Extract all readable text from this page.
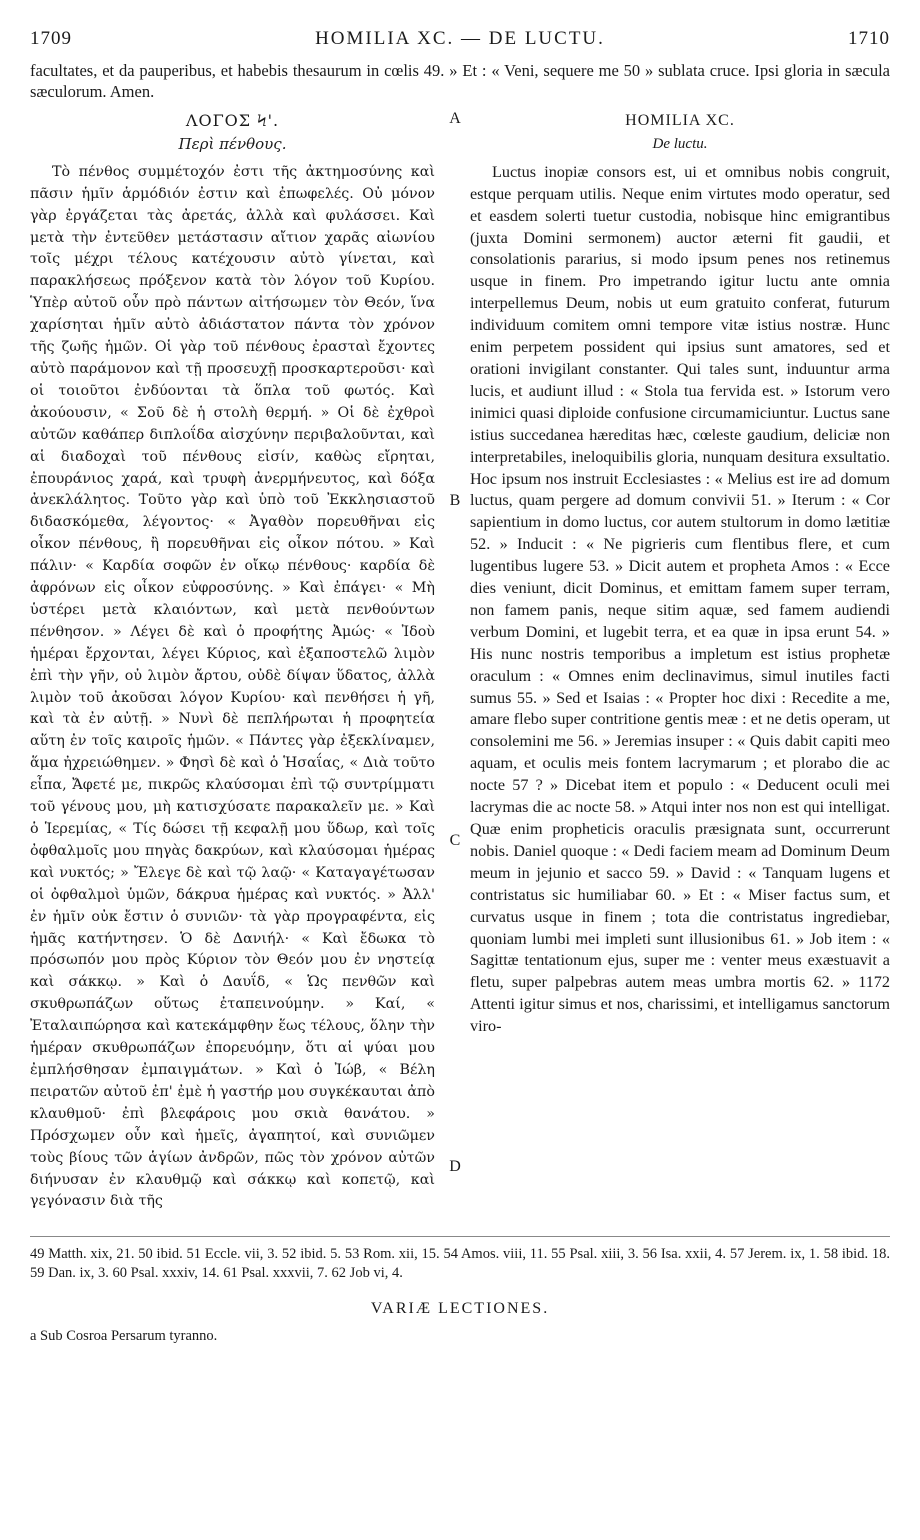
1709	HOMILIA XC. — DE LUCTU.	1710
facultates, et da pauperibus, et habebis thesaurum in cœlis 49. » Et : « Veni, sequere me 50 » sublata cruce. Ipsi gloria in sæcula sæculorum. Amen.
ΛΟΓΟΣ Ϟ'.
Περὶ πένθους.

Τὸ πένθος συμμέτοχόν ἐστι τῆς ἀκτημοσύνης καὶ πᾶσιν ἡμῖν ἁρμόδιόν ἐστιν καὶ ἐπωφελές. Οὐ μόνον γὰρ ἐργάζεται τὰς ἀρετάς, ἀλλὰ καὶ φυλάσσει. Καὶ μετὰ τὴν ἐντεῦθεν μετάστασιν αἴτιον χαρᾶς αἰωνίου τοῖς μέχρι τέλους κατέχουσιν αὐτὸ γίνεται, καὶ παρακλήσεως πρόξενον κατὰ τὸν λόγον τοῦ Κυρίου. Ὑπὲρ αὐτοῦ οὖν πρὸ πάντων αἰτήσωμεν τὸν Θεόν, ἵνα χαρίσηται ἡμῖν αὐτὸ ἀδιάστατον πάντα τὸν χρόνον τῆς ζωῆς ἡμῶν. Οἱ γὰρ τοῦ πένθους ἐρασταὶ ἔχοντες αὐτὸ παράμονον καὶ τῇ προσευχῇ προσκαρτεροῦσι· καὶ οἱ τοιοῦτοι ἐνδύονται τὰ ὅπλα τοῦ φωτός. Καὶ ἀκούουσιν, « Σοῦ δὲ ἡ στολὴ θερμή. » Οἱ δὲ ἐχθροὶ αὐτῶν καθάπερ διπλοΐδα αἰσχύνην περιβαλοῦνται, καὶ αἱ διαδοχαὶ τοῦ πένθους εἰσίν, καθὼς εἴρηται, ἐπουράνιος χαρά, καὶ τρυφὴ ἀνερμήνευτος, καὶ δόξα ἀνεκλάλητος. Τοῦτο γὰρ καὶ ὑπὸ τοῦ Ἐκκλησιαστοῦ διδασκόμεθα, λέγοντος· « Ἀγαθὸν πορευθῆναι εἰς οἶκον πένθους, ἢ πορευθῆναι εἰς οἶκον πότου. » Καὶ πάλιν· « Καρδία σοφῶν ἐν οἴκῳ πένθους· καρδία δὲ ἀφρόνων εἰς οἶκον εὐφροσύνης. » Καὶ ἐπάγει· « Μὴ ὑστέρει μετὰ κλαιόντων, καὶ μετὰ πενθούντων πένθησον. » Λέγει δὲ καὶ ὁ προφήτης Ἀμώς· « Ἰδοὺ ἡμέραι ἔρχονται, λέγει Κύριος, καὶ ἐξαποστελῶ λιμὸν ἐπὶ τὴν γῆν, οὐ λιμὸν ἄρτου, οὐδὲ δίψαν ὕδατος, ἀλλὰ λιμὸν τοῦ ἀκοῦσαι λόγον Κυρίου· καὶ πενθήσει ἡ γῆ, καὶ τὰ ἐν αὐτῇ. » Νυνὶ δὲ πεπλήρωται ἡ προφητεία αὕτη ἐν τοῖς καιροῖς ἡμῶν. « Πάντες γὰρ ἐξεκλίναμεν, ἅμα ἠχρειώθημεν. » Φησὶ δὲ καὶ ὁ Ἡσαΐας, « Διὰ τοῦτο εἶπα, Ἄφετέ με, πικρῶς κλαύσομαι ἐπὶ τῷ συντρίμματι τοῦ γένους μου, μὴ κατισχύσατε παρακαλεῖν με. » Καὶ ὁ Ἱερεμίας, « Τίς δώσει τῇ κεφαλῇ μου ὕδωρ, καὶ τοῖς ὀφθαλμοῖς μου πηγὰς δακρύων, καὶ κλαύσομαι ἡμέρας καὶ νυκτός; » Ἔλεγε δὲ καὶ τῷ λαῷ· « Καταγαγέτωσαν οἱ ὀφθαλμοὶ ὑμῶν, δάκρυα ἡμέρας καὶ νυκτός. » Ἀλλ' ἐν ἡμῖν οὐκ ἔστιν ὁ συνιῶν· τὰ γὰρ προγραφέντα, εἰς ἡμᾶς κατήντησεν. Ὁ δὲ Δανιήλ· « Καὶ ἔδωκα τὸ πρόσωπόν μου πρὸς Κύριον τὸν Θεόν μου ἐν νηστείᾳ καὶ σάκκῳ. » Καὶ ὁ Δαυΐδ, « Ὡς πενθῶν καὶ σκυθρωπάζων οὕτως ἐταπεινούμην. » Καί, « Ἐταλαιπώρησα καὶ κατεκάμφθην ἕως τέλους, ὅλην τὴν ἡμέραν σκυθρωπάζων ἐπορευόμην, ὅτι αἱ ψύαι μου ἐμπλήσθησαν ἐμπαιγμάτων. » Καὶ ὁ Ἰώβ, « Βέλη πειρατῶν αὐτοῦ ἐπ' ἐμὲ ἡ γαστήρ μου συγκέκαυται ἀπὸ κλαυθμοῦ· ἐπὶ βλεφάροις μου σκιὰ θανάτου. » Πρόσχωμεν οὖν καὶ ἡμεῖς, ἀγαπητοί, καὶ συνιῶμεν τοὺς βίους τῶν ἁγίων ἀνδρῶν, πῶς τὸν χρόνον αὐτῶν διήνυσαν ἐν κλαυθμῷ καὶ σάκκῳ καὶ κοπετῷ, καὶ γεγόνασιν διὰ τῆς

A
B
C
D
HOMILIA XC.
De luctu.

Luctus inopiæ consors est, ui et omnibus nobis congruit, estque perquam utilis. Neque enim virtutes modo operatur, sed et easdem solerti tuetur custodia, nobisque hinc emigrantibus (juxta Domini sermonem) auctor æterni fit gaudii, et consolationis pararius, si modo ipsum penes nos retinemus usque in finem. Pro impetrando igitur luctu ante omnia interpellemus Deum, nobis ut eum gratuito conferat, futurum individuum comitem omni tempore vitæ istius nostræ. Hunc enim perpetem possident qui ipsius sunt amatores, sed et orationi invigilant constanter. Qui tales sunt, induuntur arma lucis, et audiunt illud : « Stola tua fervida est. » Istorum vero inimici quasi diploide confusione circumamiciuntur. Luctus sane istius succedanea hæreditas hæc, cœleste gaudium, deliciæ non interpretabiles, ineloquibilis gloria, nunquam desitura exsultatio. Hoc ipsum nos instruit Ecclesiastes : « Melius est ire ad domum luctus, quam pergere ad domum convivii 51. » Iterum : « Cor sapientium in domo luctus, cor autem stultorum in domo lætitiæ 52. » Inducit : « Ne pigrieris cum flentibus flere, et cum lugentibus lugere 53. » Dicit autem et propheta Amos : « Ecce dies veniunt, dicit Dominus, et emittam famem super terram, non famem panis, neque sitim aquæ, sed famem audiendi verbum Domini, et lugebit terra, et ea quæ in ipsa erunt 54. » His nunc nostris temporibus a impletum est istius prophetæ oraculum : « Omnes enim declinavimus, simul inutiles facti sumus 55. » Sed et Isaias : « Propter hoc dixi : Recedite a me, amare flebo super contritione gentis meæ : et ne detis operam, ut consolemini me 56. » Jeremias insuper : « Quis dabit capiti meo aquam, et oculis meis fontem lacrymarum ; et plorabo die ac nocte 57 ? » Dicebat item et populo : « Deducent oculi mei lacrymas die ac nocte 58. » Atqui inter nos non est qui intelligat. Quæ enim propheticis oraculis præsignata sunt, occurrerunt nobis. Daniel quoque : « Dedi faciem meam ad Dominum Deum meum in jejunio et sacco 59. » David : « Tanquam lugens et contristatus sic humiliabar 60. » Et : « Miser factus sum, et curvatus usque in finem ; tota die contristatus ingrediebar, quoniam lumbi mei impleti sunt illusionibus 61. » Job item : « Sagittæ tentationum ejus, super me : venter meus exæstuavit a fletu, super palpebras autem meas umbra mortis 62. » 1172 Attenti igitur simus et nos, charissimi, et intelligamus sanctorum viro-

49 Matth. xix, 21. 50 ibid. 51 Eccle. vii, 3. 52 ibid. 5. 53 Rom. xii, 15. 54 Amos. viii, 11. 55 Psal. xiii, 3. 56 Isa. xxii, 4. 57 Jerem. ix, 1. 58 ibid. 18. 59 Dan. ix, 3. 60 Psal. xxxiv, 14. 61 Psal. xxxvii, 7. 62 Job vi, 4.
VARIÆ LECTIONES.
a Sub Cosroa Persarum tyranno.
